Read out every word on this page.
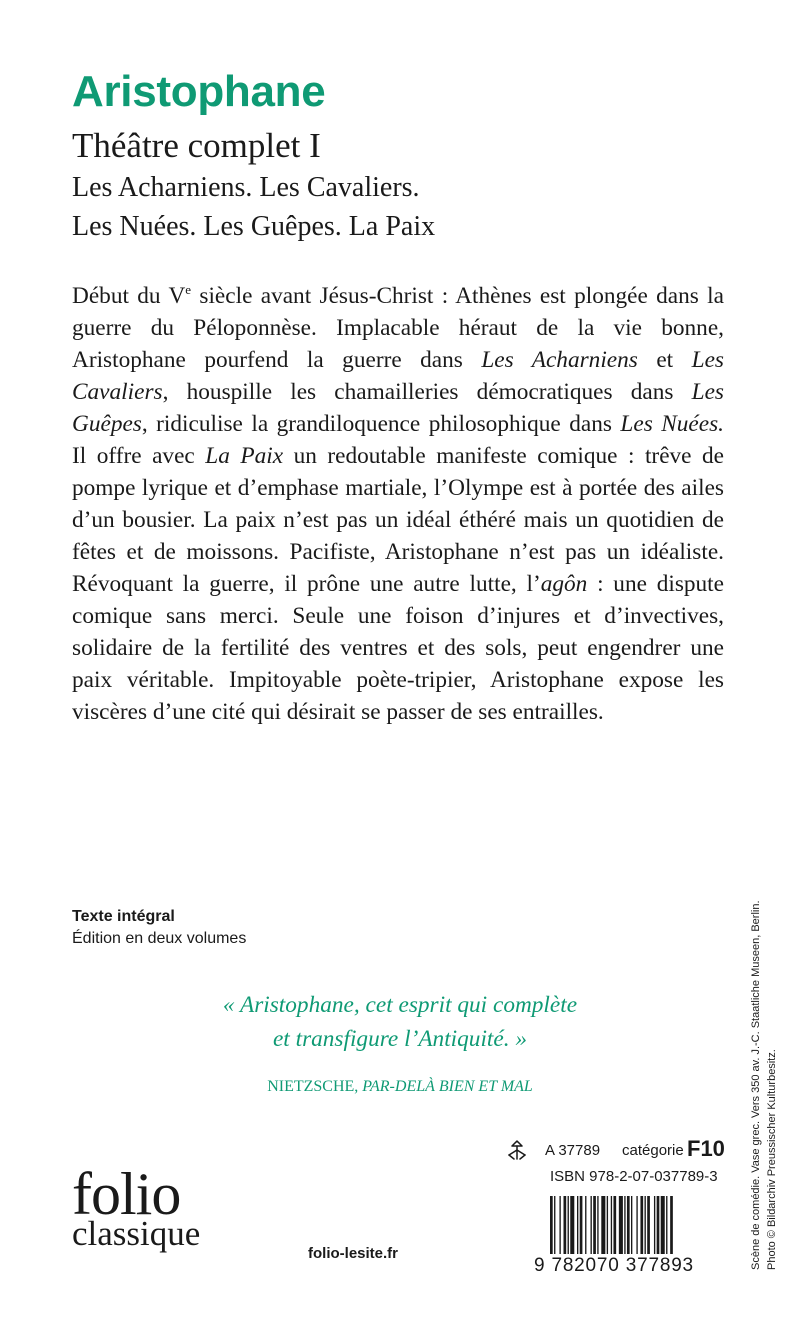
Aristophane
Théâtre complet I
Les Acharniens. Les Cavaliers.
Les Nuées. Les Guêpes. La Paix

Début du Ve siècle avant Jésus-Christ : Athènes est plongée dans la guerre du Péloponnèse. Implacable héraut de la vie bonne, Aristophane pourfend la guerre dans Les Acharniens et Les Cavaliers, houspille les chamailleries démocratiques dans Les Guêpes, ridiculise la grandiloquence philosophique dans Les Nuées. Il offre avec La Paix un redoutable manifeste comique : trêve de pompe lyrique et d’emphase martiale, l’Olympe est à portée des ailes d’un bousier. La paix n’est pas un idéal éthéré mais un quotidien de fêtes et de moissons. Pacifiste, Aristophane n’est pas un idéaliste. Révoquant la guerre, il prône une autre lutte, l’agôn : une dispute comique sans merci. Seule une foison d’injures et d’invectives, solidaire de la fertilité des ventres et des sols, peut engendrer une paix véritable. Impitoyable poète-tripier, Aristophane expose les viscères d’une cité qui désirait se passer de ses entrailles.

Texte intégral
Édition en deux volumes
« Aristophane, cet esprit qui complète
et transfigure l’Antiquité. »
NIETZSCHE, PAR-DELÀ BIEN ET MAL
folio
classique
folio-lesite.fr
A 37789 catégorie F10
ISBN 978-2-07-037789-3
9 782070 377893	Scène de comédie. Vase grec. Vers 350 av. J.-C. Staatliche Museen, Berlin. Photo © Bildarchiv Preussischer Kulturbesitz.
